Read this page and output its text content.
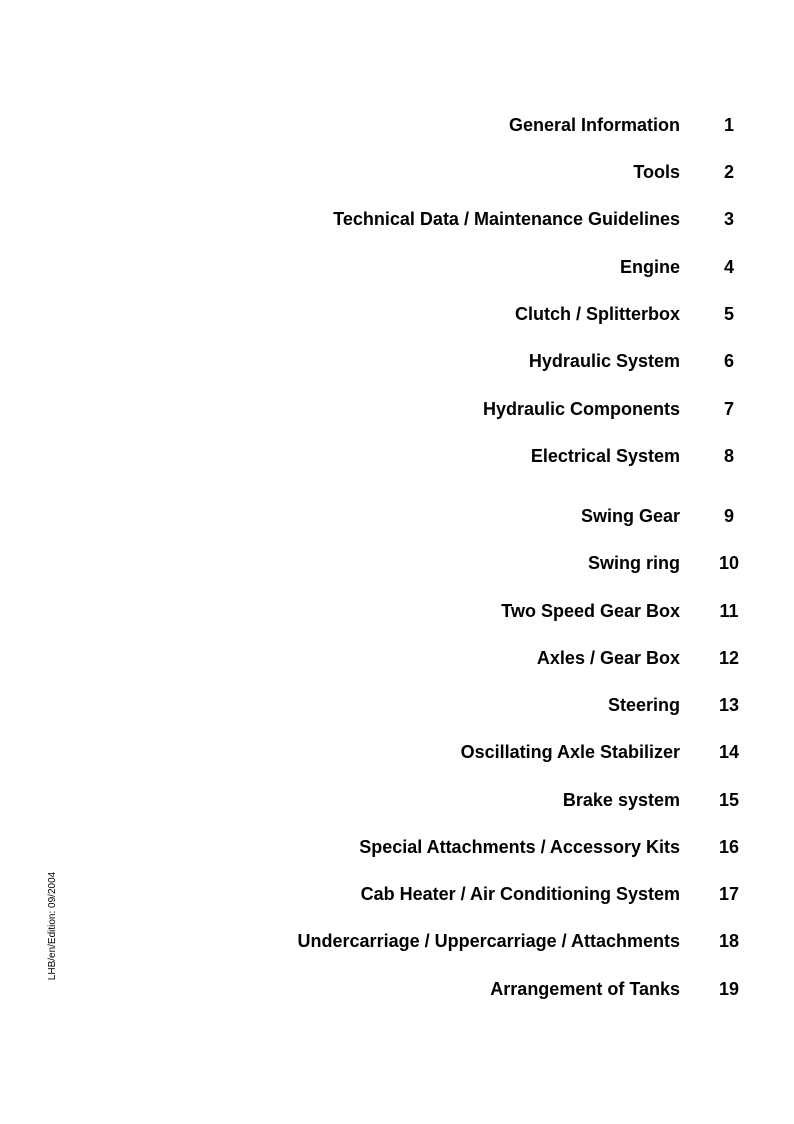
General Information	1
Tools	2
Technical Data / Maintenance Guidelines	3
Engine	4
Clutch / Splitterbox	5
Hydraulic System	6
Hydraulic Components	7
Electrical System	8
Swing Gear	9
Swing ring	10
Two Speed Gear Box	11
Axles / Gear Box	12
Steering	13
Oscillating Axle Stabilizer	14
Brake system	15
Special Attachments / Accessory Kits	16
Cab Heater / Air Conditioning System	17
Undercarriage / Uppercarriage / Attachments	18
Arrangement of Tanks	19
LHB/en/Edition: 09/2004
